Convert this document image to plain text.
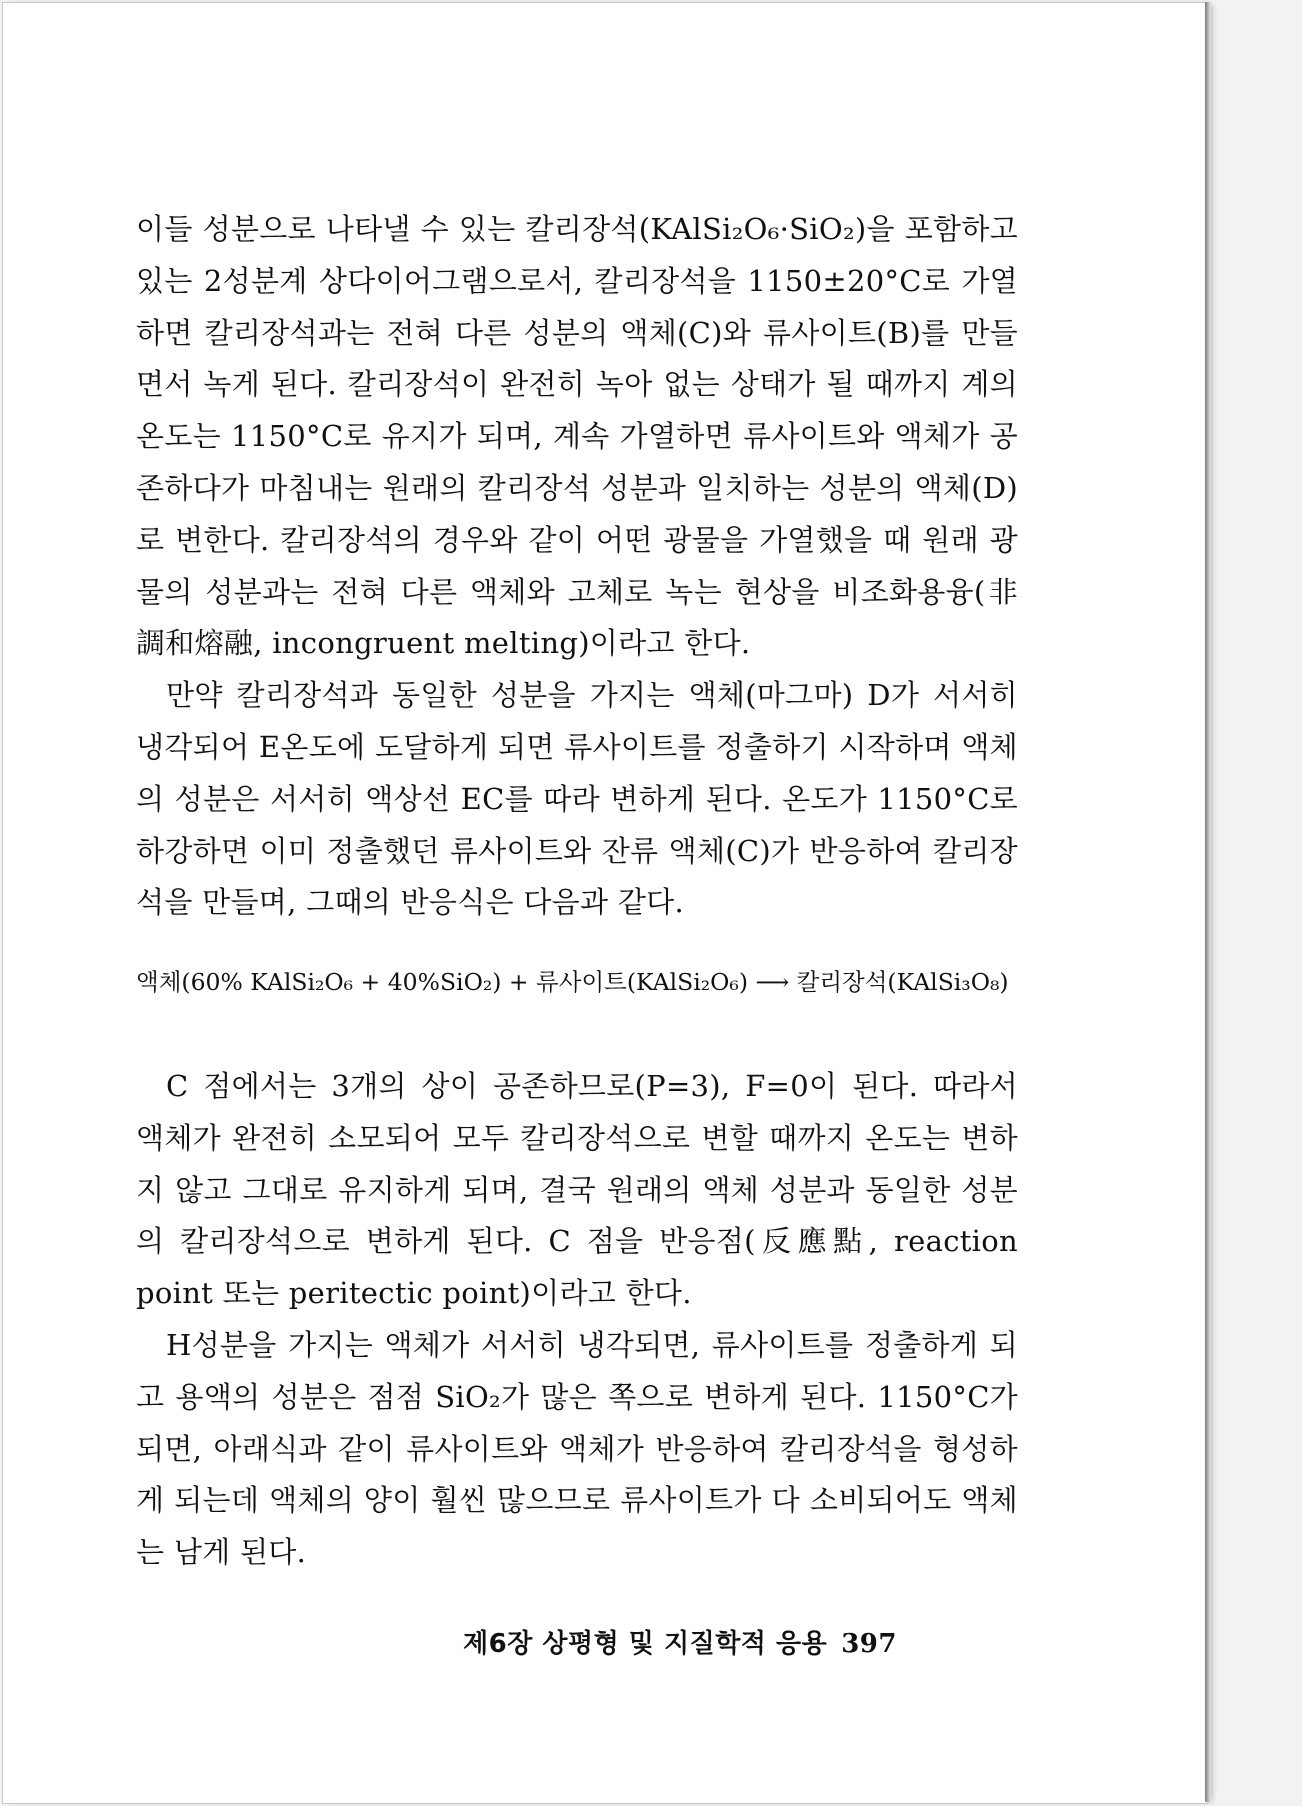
이들 성분으로 나타낼 수 있는 칼리장석(KAlSi₂O₆·SiO₂)을 포함하고 있는 2성분계 상다이어그램으로서, 칼리장석을 1150±20°C로 가열하면 칼리장석과는 전혀 다른 성분의 액체(C)와 류사이트(B)를 만들면서 녹게 된다. 칼리장석이 완전히 녹아 없는 상태가 될 때까지 계의 온도는 1150°C로 유지가 되며, 계속 가열하면 류사이트와 액체가 공존하다가 마침내는 원래의 칼리장석 성분과 일치하는 성분의 액체(D)로 변한다. 칼리장석의 경우와 같이 어떤 광물을 가열했을 때 원래 광물의 성분과는 전혀 다른 액체와 고체로 녹는 현상을 비조화용융(非調和熔融, incongruent melting)이라고 한다.

만약 칼리장석과 동일한 성분을 가지는 액체(마그마) D가 서서히 냉각되어 E온도에 도달하게 되면 류사이트를 정출하기 시작하며 액체의 성분은 서서히 액상선 EC를 따라 변하게 된다. 온도가 1150°C로 하강하면 이미 정출했던 류사이트와 잔류 액체(C)가 반응하여 칼리장석을 만들며, 그때의 반응식은 다음과 같다.

액체(60% KAlSi₂O₆ + 40%SiO₂) + 류사이트(KAlSi₂O₆) ⟶ 칼리장석(KAlSi₃O₈)

C 점에서는 3개의 상이 공존하므로(P=3), F=0이 된다. 따라서 액체가 완전히 소모되어 모두 칼리장석으로 변할 때까지 온도는 변하지 않고 그대로 유지하게 되며, 결국 원래의 액체 성분과 동일한 성분의 칼리장석으로 변하게 된다. C 점을 반응점(反應點, reaction point 또는 peritectic point)이라고 한다.

H성분을 가지는 액체가 서서히 냉각되면, 류사이트를 정출하게 되고 용액의 성분은 점점 SiO₂가 많은 쪽으로 변하게 된다. 1150°C가 되면, 아래식과 같이 류사이트와 액체가 반응하여 칼리장석을 형성하게 되는데 액체의 양이 훨씬 많으므로 류사이트가 다 소비되어도 액체는 남게 된다.

제6장 상평형 및 지질학적 응용 397
